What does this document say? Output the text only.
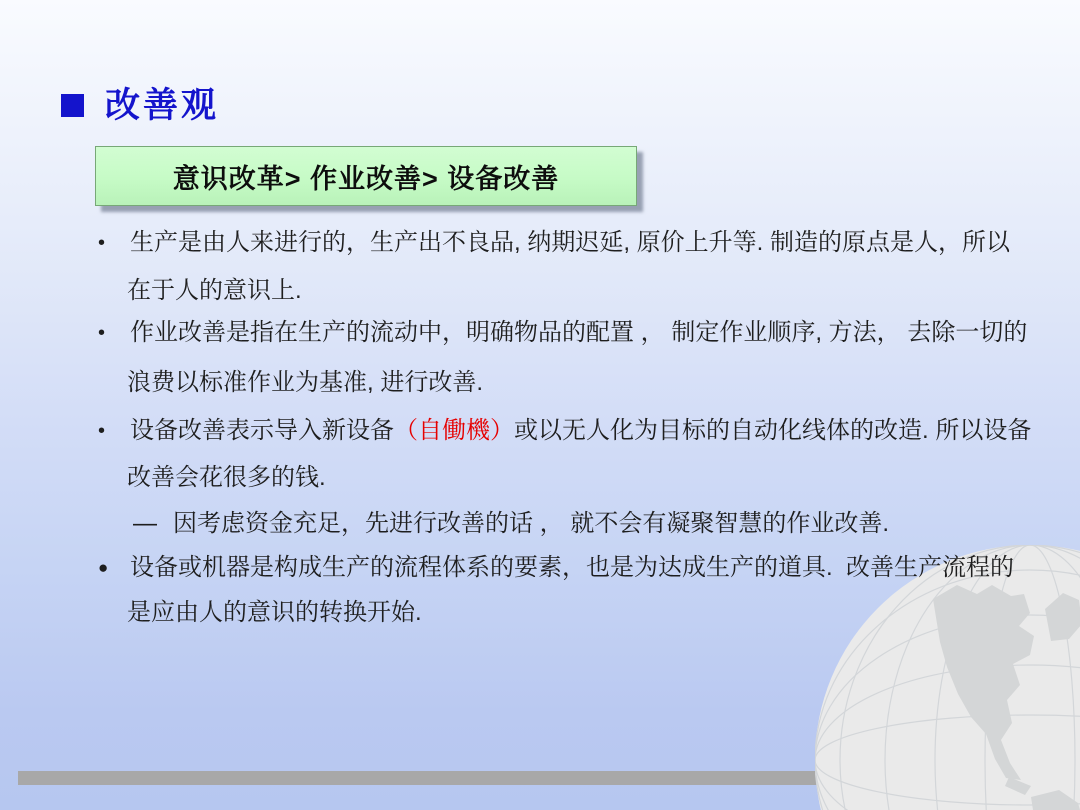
改善观
意识改革> 作业改善> 设备改善
•	生产是由人来进行的，生产出不良品, 纳期迟延, 原价上升等. 制造的原点是人，所以
在于人的意识上.
•	作业改善是指在生产的流动中，明确物品的配置 ， 制定作业顺序, 方法， 去除一切的
浪费以标准作业为基准, 进行改善.
•	设备改善表示导入新设备（自働機）或以无人化为目标的自动化线体的改造. 所以设备
改善会花很多的钱.
— 因考虑资金充足，先进行改善的话 ， 就不会有凝聚智慧的作业改善.
● 设备或机器是构成生产的流程体系的要素，也是为达成生产的道具.  改善生产流程的
是应由人的意识的转换开始.
